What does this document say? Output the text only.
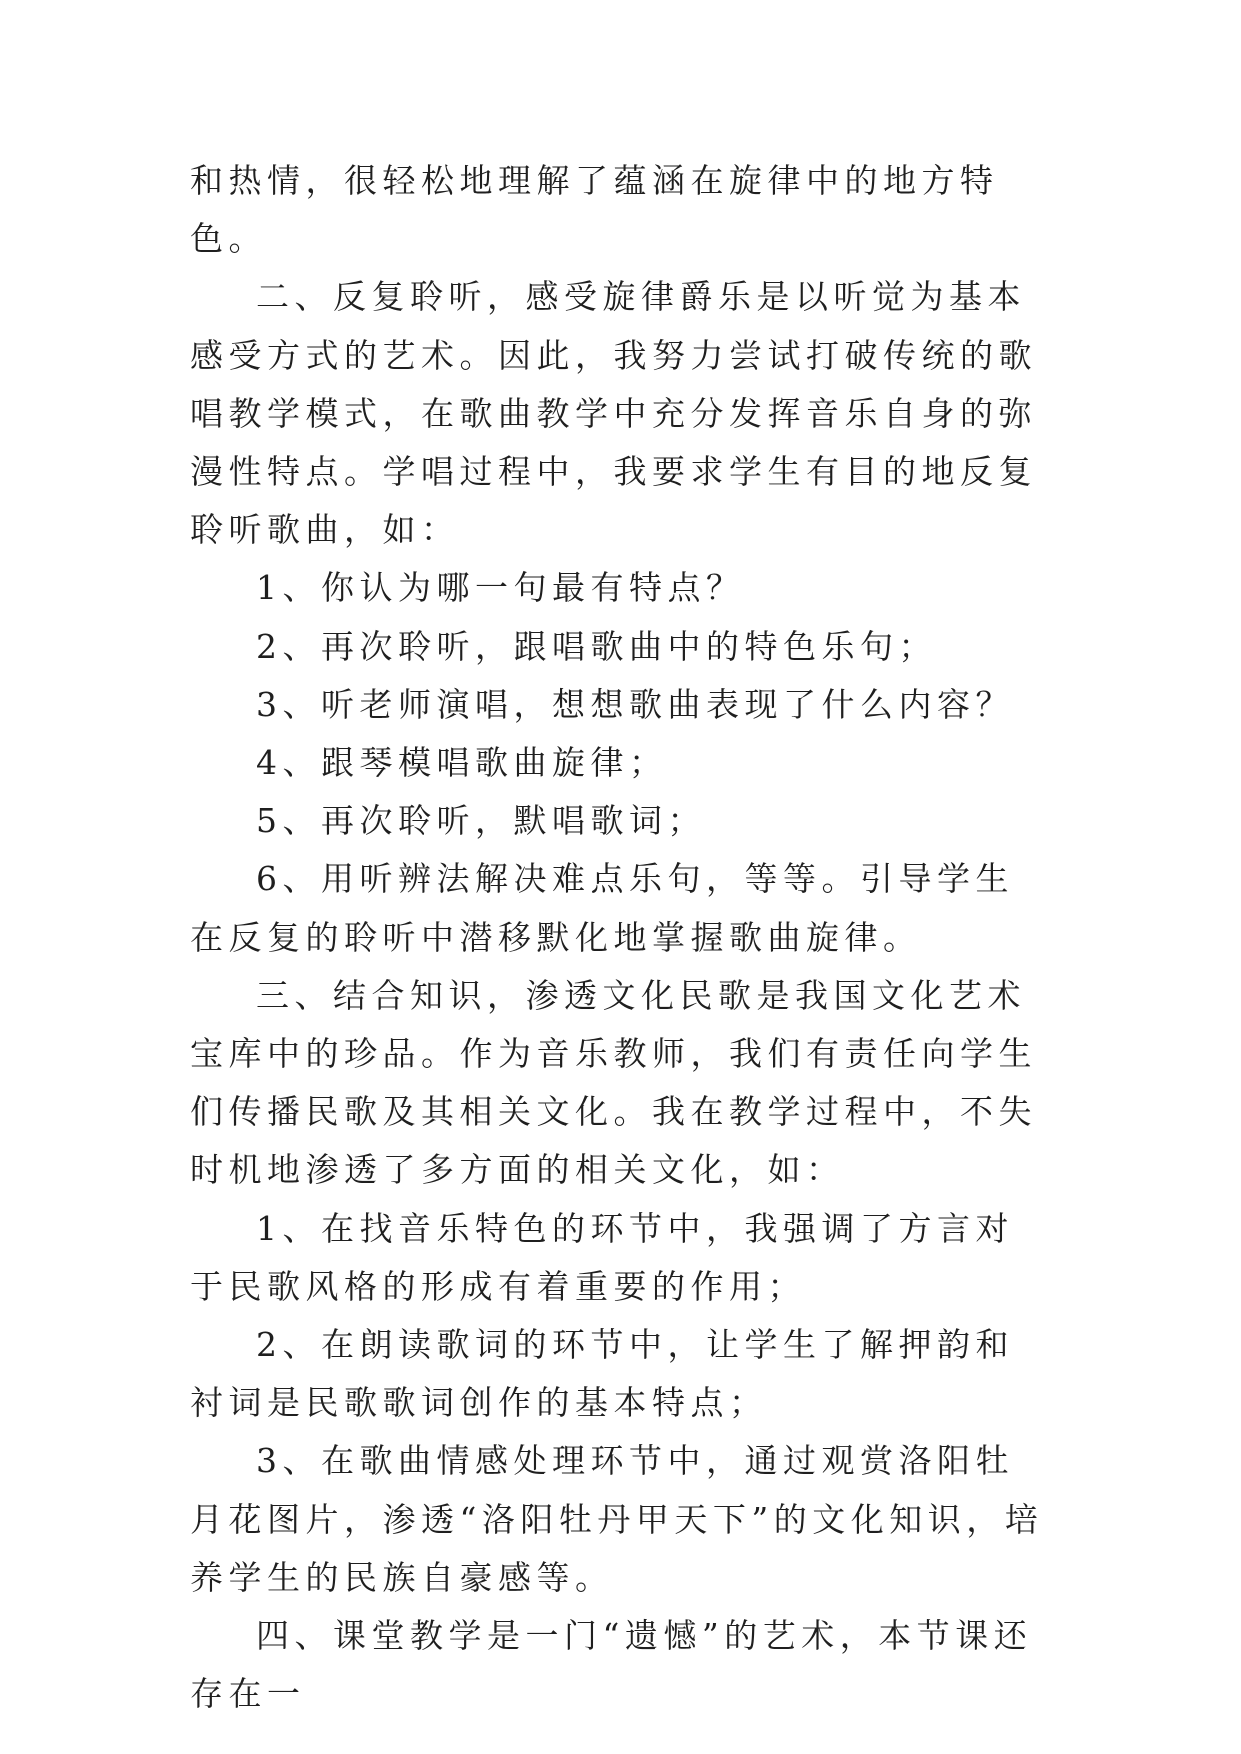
和热情，很轻松地理解了蕴涵在旋律中的地方特色。

二、反复聆听，感受旋律爵乐是以听觉为基本感受方式的艺术。因此，我努力尝试打破传统的歌唱教学模式，在歌曲教学中充分发挥音乐自身的弥漫性特点。学唱过程中，我要求学生有目的地反复聆听歌曲，如：

1、你认为哪一句最有特点？

2、再次聆听，跟唱歌曲中的特色乐句；

3、听老师演唱，想想歌曲表现了什么内容？

4、跟琴模唱歌曲旋律；

5、再次聆听，默唱歌词；

6、用听辨法解决难点乐句，等等。引导学生在反复的聆听中潜移默化地掌握歌曲旋律。

三、结合知识，渗透文化民歌是我国文化艺术宝库中的珍品。作为音乐教师，我们有责任向学生们传播民歌及其相关文化。我在教学过程中，不失时机地渗透了多方面的相关文化，如：

1、在找音乐特色的环节中，我强调了方言对于民歌风格的形成有着重要的作用；

2、在朗读歌词的环节中，让学生了解押韵和衬词是民歌歌词创作的基本特点；

3、在歌曲情感处理环节中，通过观赏洛阳牡月花图片，渗透“洛阳牡丹甲天下”的文化知识，培养学生的民族自豪感等。

四、课堂教学是一门“遗憾”的艺术，本节课还存在一
